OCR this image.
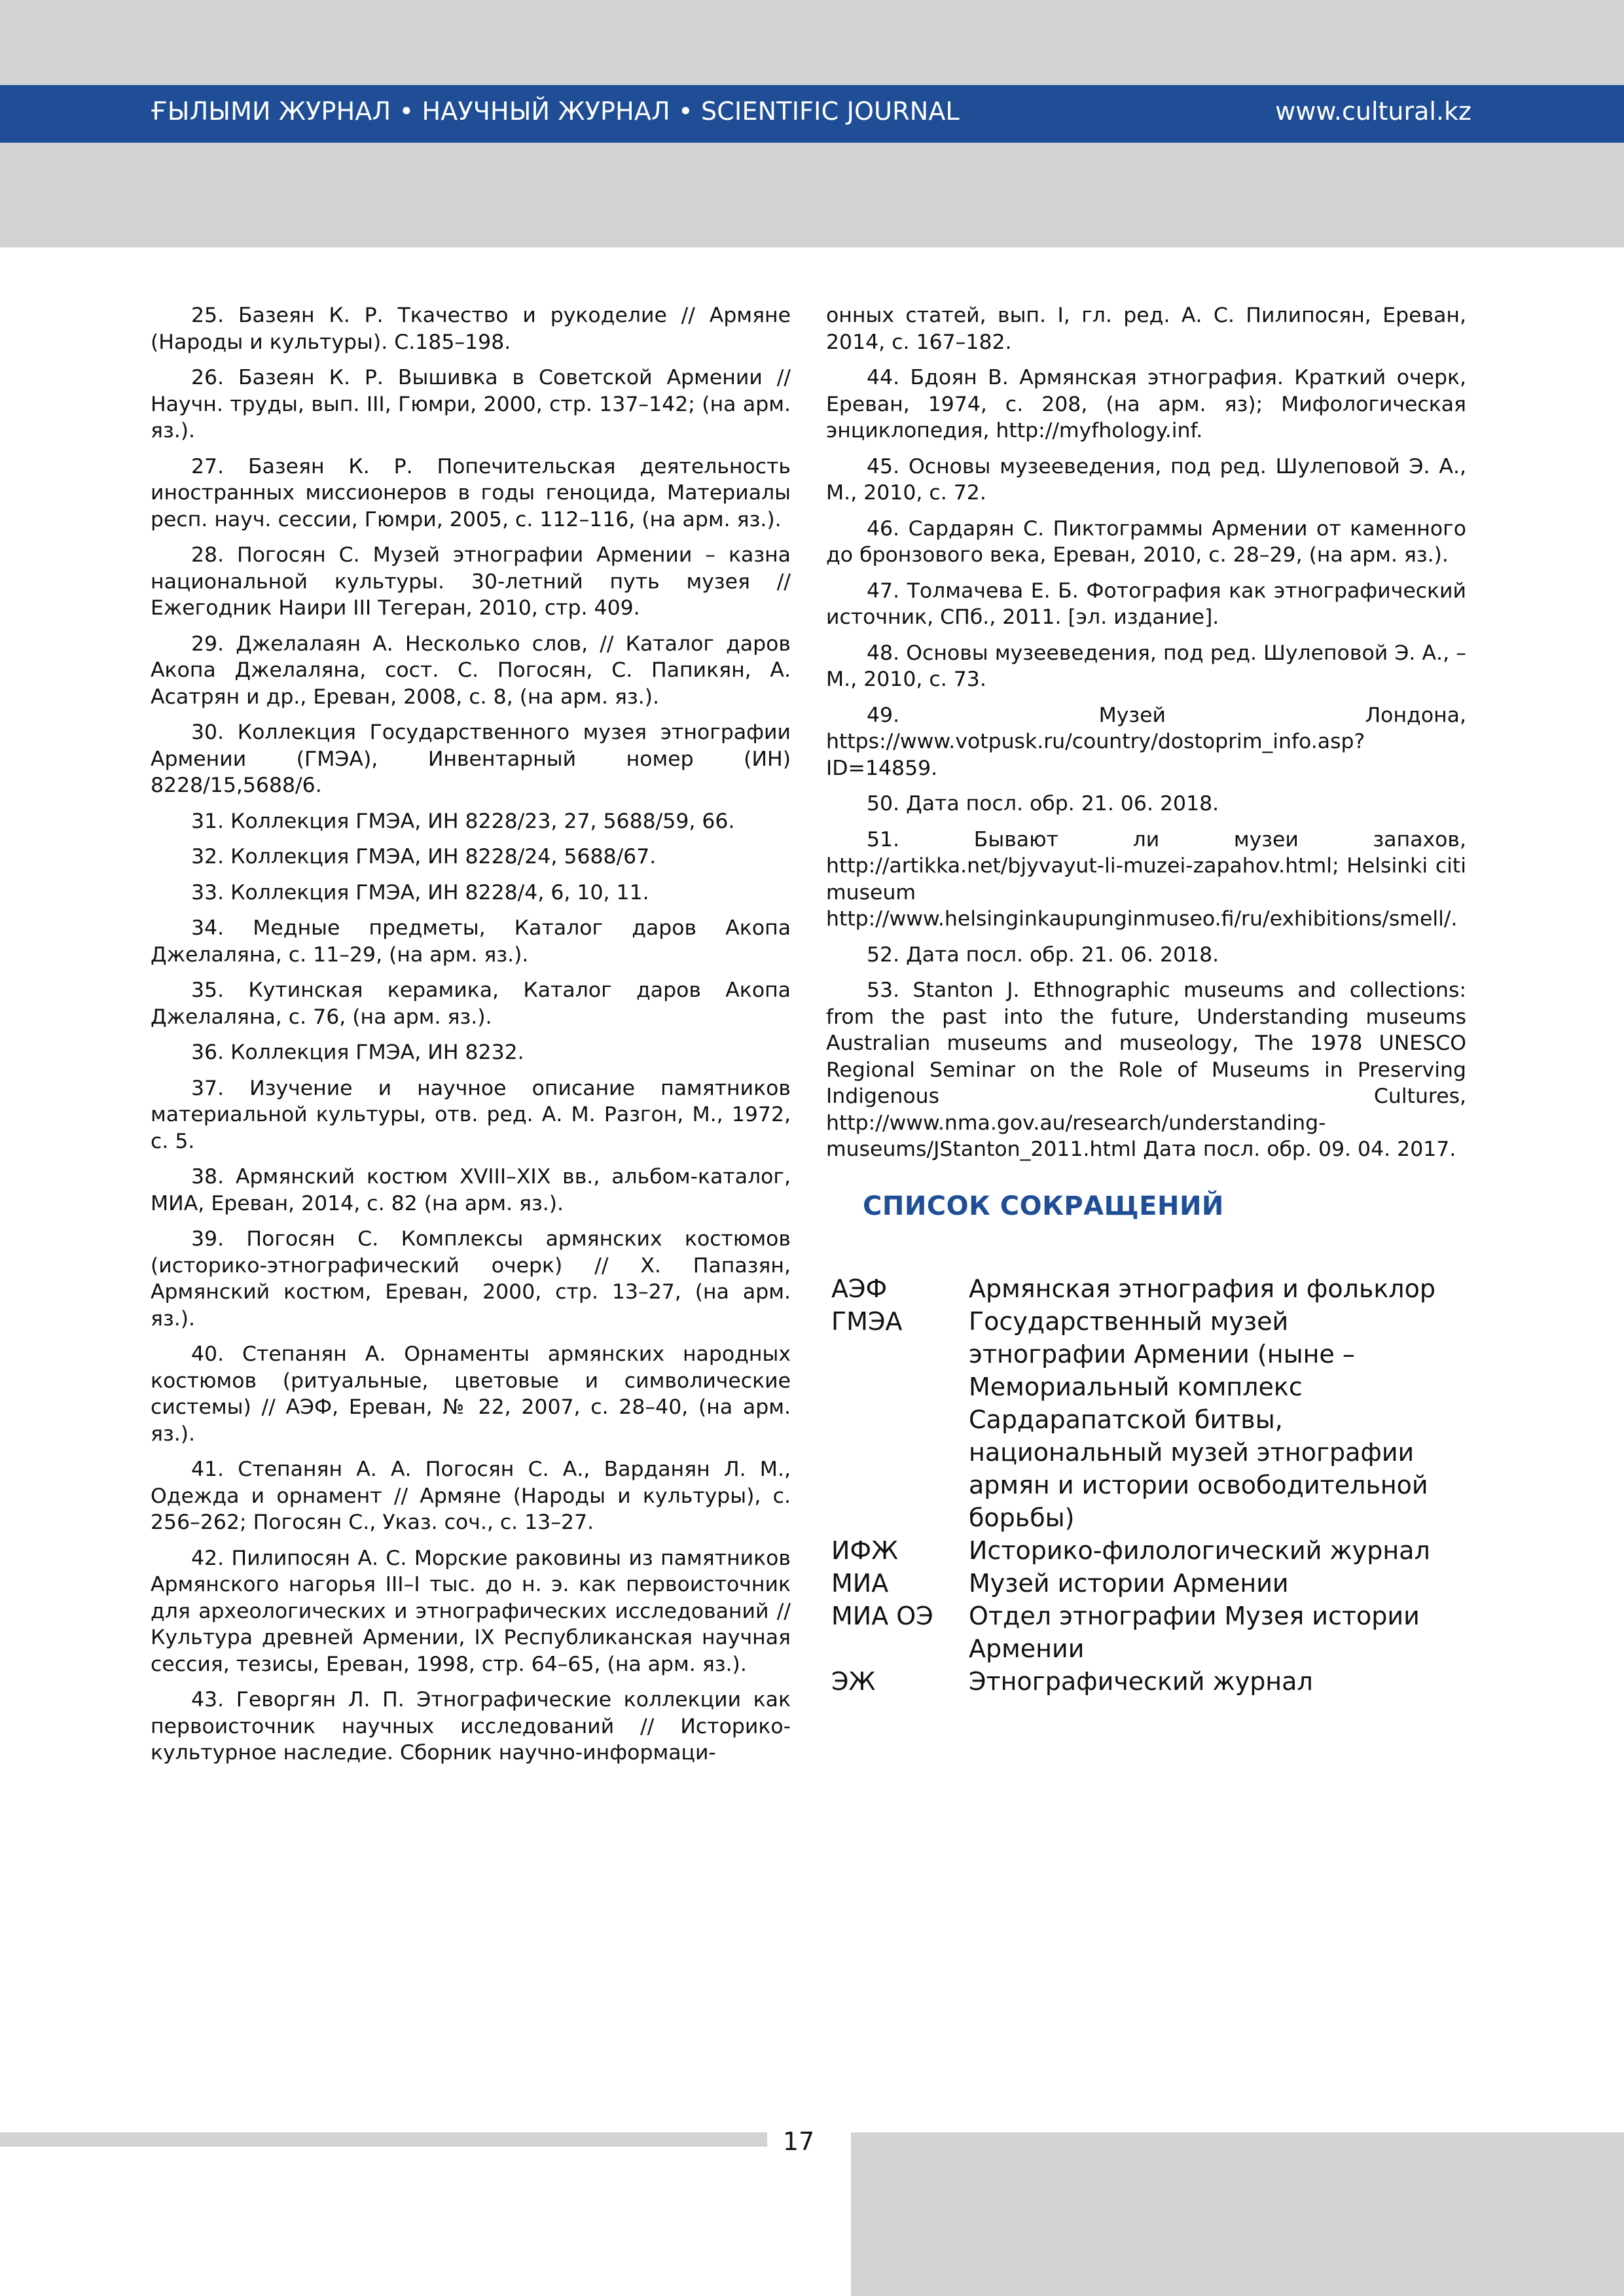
ҒЫЛЫМИ ЖУРНАЛ • НАУЧНЫЙ ЖУРНАЛ • SCIENTIFIC JOURNAL	www.cultural.kz

25. Базеян К. Р. Ткачество и рукоделие // Армяне (Народы и культуры). С.185–198.

26. Базеян К. Р. Вышивка в Советской Армении // Научн. труды, вып. III, Гюмри, 2000, стр. 137–142; (на арм. яз.).

27. Базеян К. Р. Попечительская деятельность иностранных миссионеров в годы геноцида, Материалы респ. науч. сессии, Гюмри, 2005, с. 112–116, (на арм. яз.).

28. Погосян С. Музей этнографии Армении – казна национальной культуры. 30-летний путь музея // Ежегодник Наири III Тегеран, 2010, стр. 409.

29. Джелалаян А. Несколько слов, // Каталог даров Акопа Джелаляна, сост. С. Погосян, С. Папикян, А. Асатрян и др., Ереван, 2008, с. 8, (на арм. яз.).

30. Коллекция Государственного музея этнографии Армении (ГМЭА), Инвентарный номер (ИН) 8228/15,5688/6.

31. Коллекция ГМЭА, ИН 8228/23, 27, 5688/59, 66.

32. Коллекция ГМЭА, ИН 8228/24, 5688/67.

33. Коллекция ГМЭА, ИН 8228/4, 6, 10, 11.

34. Медные предметы, Каталог даров Акопа Джелаляна, с. 11–29, (на арм. яз.).

35. Кутинская керамика, Каталог даров Акопа Джелаляна, с. 76, (на арм. яз.).

36. Коллекция ГМЭА, ИН 8232.

37. Изучение и научное описание памятников материальной культуры, отв. ред. А. М. Разгон, М., 1972, с. 5.

38. Армянский костюм XVIII–XIX вв., альбом-каталог, МИА, Ереван, 2014, с. 82 (на арм. яз.).

39. Погосян С. Комплексы армянских костюмов (историко-этнографический очерк) // Х. Папазян, Армянский костюм, Ереван, 2000, стр. 13–27, (на арм. яз.).

40. Степанян А. Орнаменты армянских народных костюмов (ритуальные, цветовые и символические системы) // АЭФ, Ереван, № 22, 2007, с. 28–40, (на арм. яз.).

41. Степанян А. А. Погосян С. А., Варданян Л. М., Одежда и орнамент // Армяне (Народы и культуры), с. 256–262; Погосян С., Указ. соч., с. 13–27.

42. Пилипосян А. С. Морские раковины из памятников Армянского нагорья III–I тыс. до н. э. как первоисточник для археологических и этнографических исследований // Культура древней Армении, IX Республиканская научная сессия, тезисы, Ереван, 1998, стр. 64–65, (на арм. яз.).

43. Геворгян Л. П. Этнографические коллекции как первоисточник научных исследований // Историко-культурное наследие. Сборник научно-информаци-

онных статей, вып. I, гл. ред. А. С. Пилипосян, Ереван, 2014, с. 167–182.

44. Бдоян В. Армянская этнография. Краткий очерк, Ереван, 1974, с. 208, (на арм. яз); Мифологическая энциклопедия, http://myfhology.inf.

45. Основы музееведения, под ред. Шулеповой Э. А., М., 2010, с. 72.

46. Сардарян С. Пиктограммы Армении от каменного до бронзового века, Ереван, 2010, с. 28–29, (на арм. яз.).

47. Толмачева Е. Б. Фотография как этнографический источник, СПб., 2011. [эл. издание].

48. Основы музееведения, под ред. Шулеповой Э. А., – М., 2010, с. 73.

49. Музей Лондона, https://www.votpusk.ru/country/dostoprim_info.asp?ID=14859.

50. Дата посл. обр. 21. 06. 2018.

51. Бывают ли музеи запахов, http://artikka.net/bjyvayut-li-muzei-zapahov.html; Helsinki citi museum http://www.helsinginkaupunginmuseo.fi/ru/exhibitions/smell/.

52. Дата посл. обр. 21. 06. 2018.

53. Stanton J. Ethnographic museums and collections: from the past into the future, Understanding museums Australian museums and museology, The 1978 UNESCO Regional Seminar on the Role of Museums in Preserving Indigenous Cultures, http://www.nma.gov.au/research/understanding-museums/JStanton_2011.html Дата посл. обр. 09. 04. 2017.

СПИСОК СОКРАЩЕНИЙ
АЭФ	Армянская этнография и фольклор
ГМЭА	Государственный музей этнографии Армении (ныне – Мемориальный комплекс Сардарапатской битвы, национальный музей этнографии армян и истории освободительной борьбы)
ИФЖ	Историко-филологический журнал
МИА	Музей истории Армении
МИА ОЭ	Отдел этнографии Музея истории Армении
ЭЖ	Этнографический журнал
17
